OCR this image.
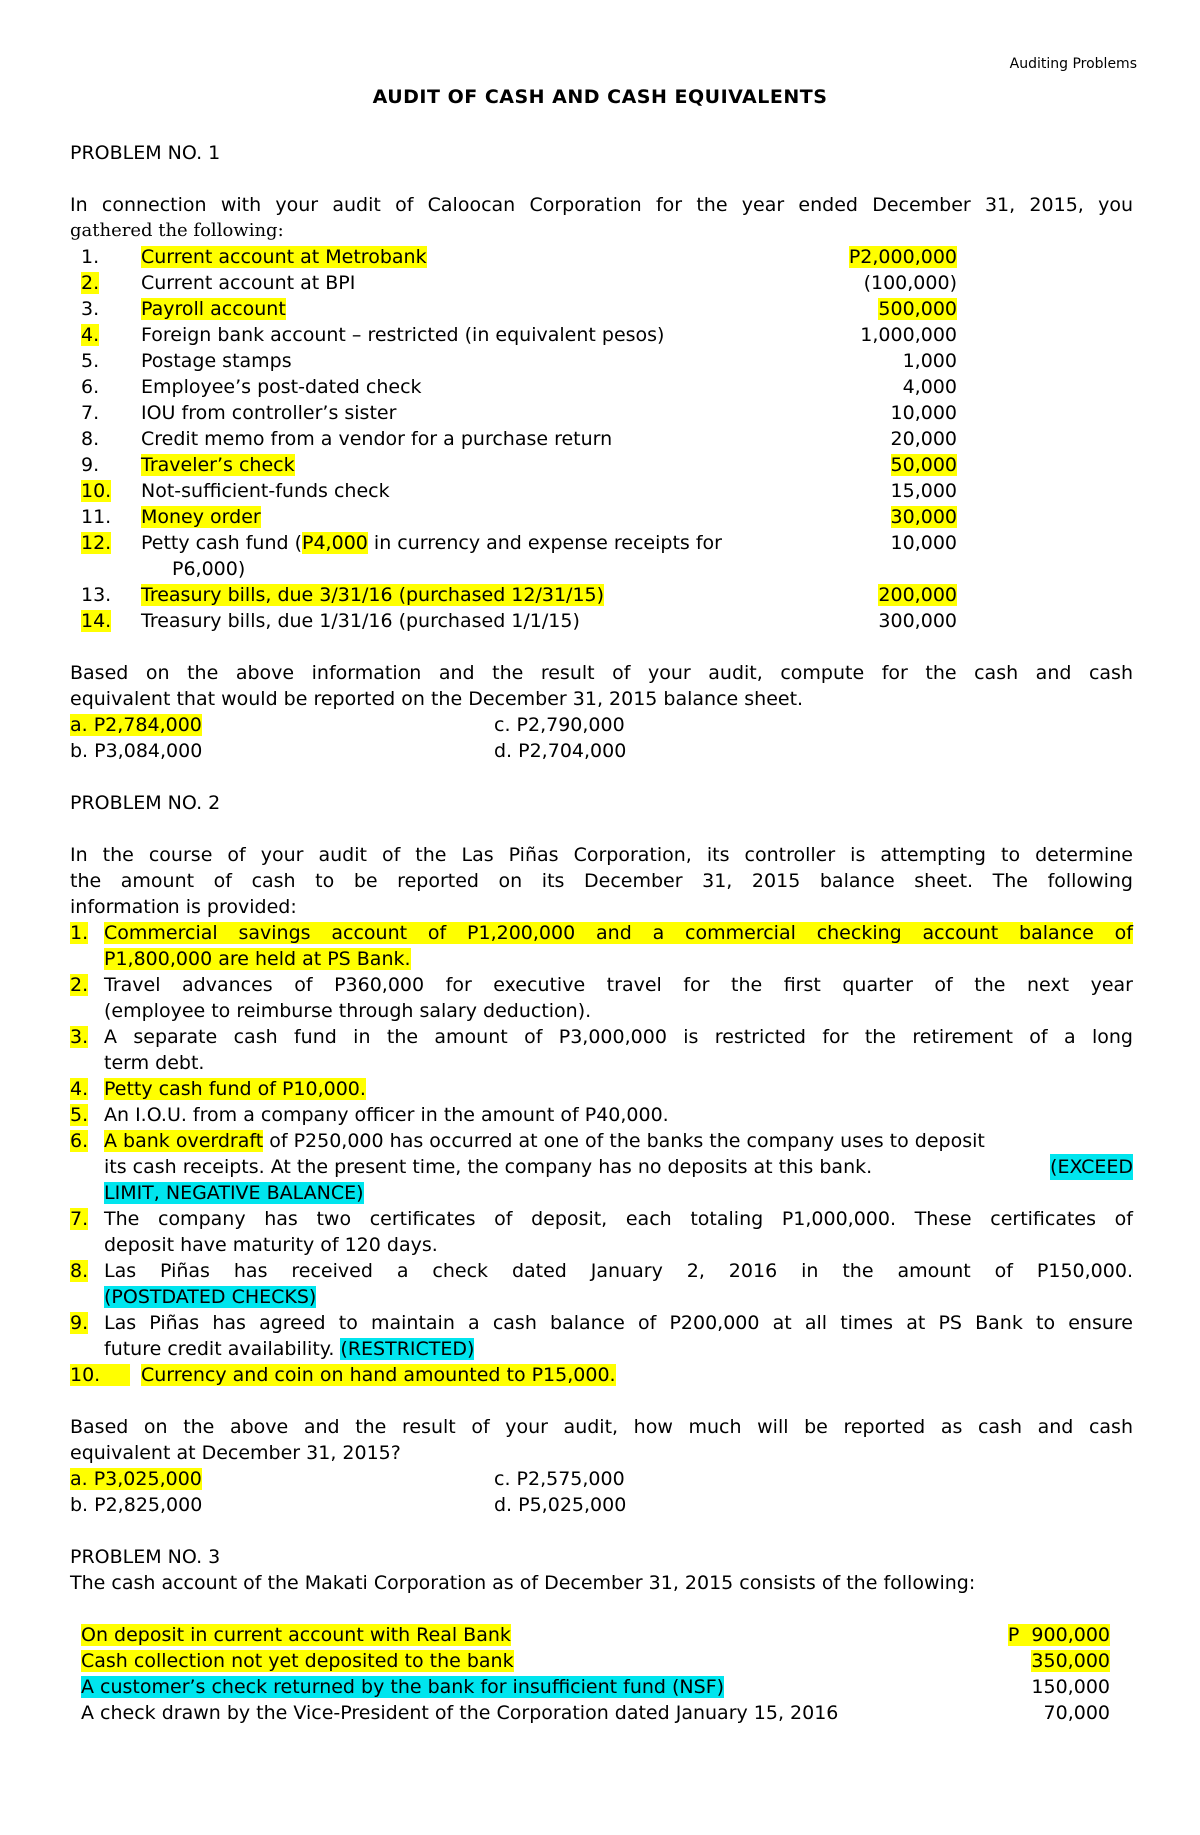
Auditing Problems
AUDIT OF CASH AND CASH EQUIVALENTS
PROBLEM NO. 1
In connection with your audit of Caloocan Corporation for the year ended December 31, 2015, you
gathered the following:
1. Current account at Metrobank	P2,000,000
2. Current account at BPI	(100,000)
3. Payroll account	500,000
4. Foreign bank account – restricted (in equivalent pesos)	1,000,000
5. Postage stamps	1,000
6. Employee’s post-dated check	4,000
7. IOU from controller’s sister	10,000
8. Credit memo from a vendor for a purchase return	20,000
9. Traveler’s check	50,000
10. Not-sufficient-funds check	15,000
11. Money order	30,000
12. Petty cash fund (P4,000 in currency and expense receipts for	10,000
P6,000)
13. Treasury bills, due 3/31/16 (purchased 12/31/15)	200,000
14. Treasury bills, due 1/31/16 (purchased 1/1/15)	300,000
Based on the above information and the result of your audit, compute for the cash and cash
equivalent that would be reported on the December 31, 2015 balance sheet.
a. P2,784,000	c. P2,790,000
b. P3,084,000	d. P2,704,000
PROBLEM NO. 2
In the course of your audit of the Las Piñas Corporation, its controller is attempting to determine
the amount of cash to be reported on its December 31, 2015 balance sheet. The following
information is provided:
1. Commercial savings account of P1,200,000 and a commercial checking account balance of
P1,800,000 are held at PS Bank.
2. Travel advances of P360,000 for executive travel for the first quarter of the next year
(employee to reimburse through salary deduction).
3. A separate cash fund in the amount of P3,000,000 is restricted for the retirement of a long
term debt.
4. Petty cash fund of P10,000.
5. An I.O.U. from a company officer in the amount of P40,000.
6. A bank overdraft of P250,000 has occurred at one of the banks the company uses to deposit
its cash receipts. At the present time, the company has no deposits at this bank.	(EXCEED
LIMIT, NEGATIVE BALANCE)
7. The company has two certificates of deposit, each totaling P1,000,000. These certificates of
deposit have maturity of 120 days.
8. Las Piñas has received a check dated January 2, 2016 in the amount of P150,000.
(POSTDATED CHECKS)
9. Las Piñas has agreed to maintain a cash balance of P200,000 at all times at PS Bank to ensure
future credit availability. (RESTRICTED)
10.	Currency and coin on hand amounted to P15,000.
Based on the above and the result of your audit, how much will be reported as cash and cash
equivalent at December 31, 2015?
a. P3,025,000	c. P2,575,000
b. P2,825,000	d. P5,025,000
PROBLEM NO. 3
The cash account of the Makati Corporation as of December 31, 2015 consists of the following:
On deposit in current account with Real Bank	P  900,000
Cash collection not yet deposited to the bank	350,000
A customer’s check returned by the bank for insufficient fund (NSF)	150,000
A check drawn by the Vice-President of the Corporation dated January 15, 2016	70,000
